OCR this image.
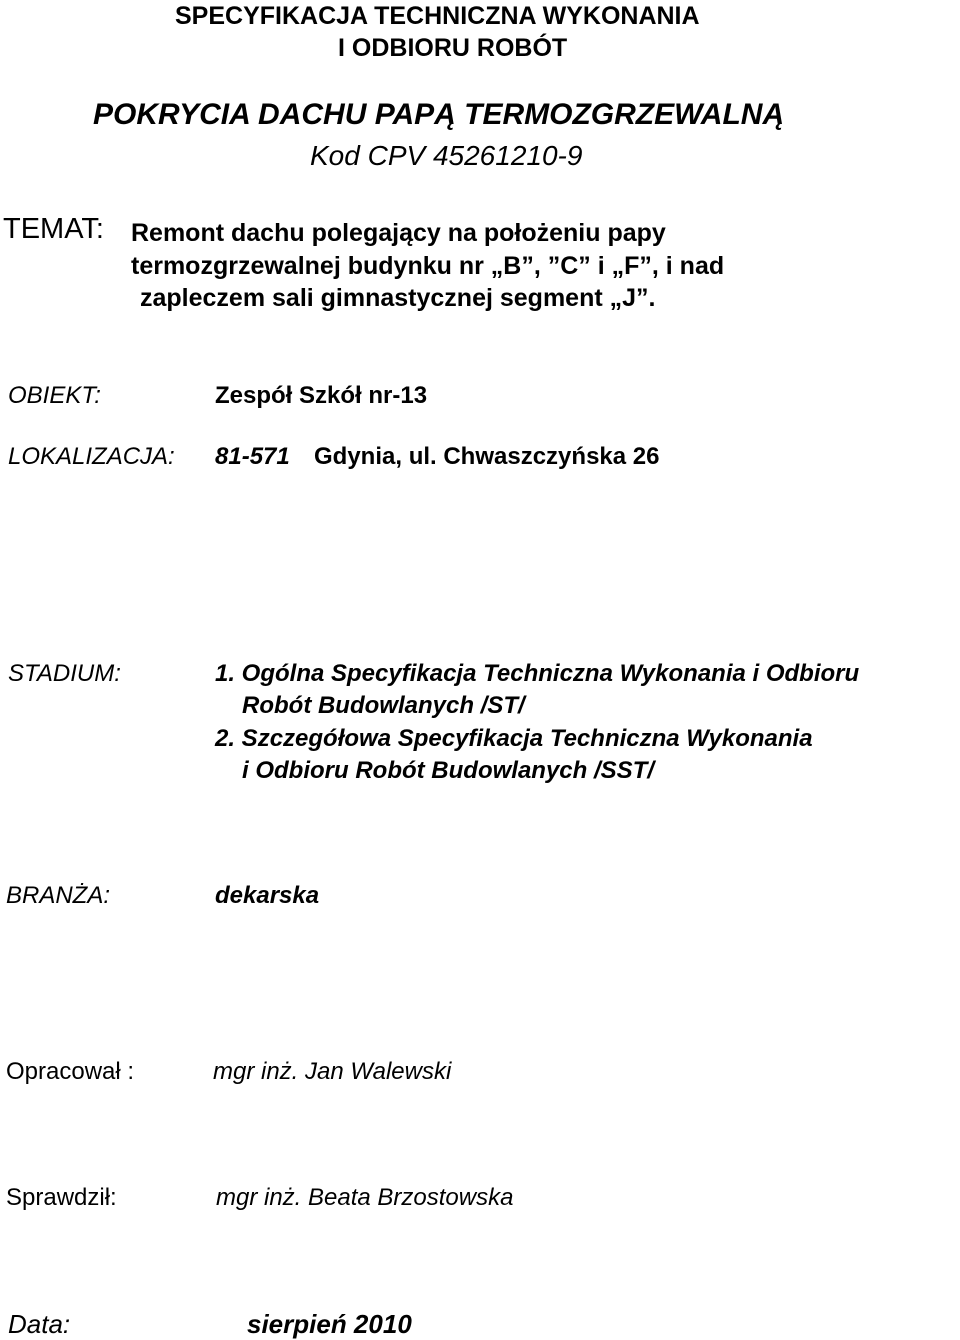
SPECYFIKACJA TECHNICZNA WYKONANIA
I ODBIORU ROBÓT
POKRYCIA DACHU PAPĄ TERMOZGRZEWALNĄ
Kod CPV 45261210-9
TEMAT: Remont dachu polegający na położeniu papy
termozgrzewalnej budynku nr „B”, ”C” i „F”, i nad
zapleczem sali gimnastycznej segment „J”.
OBIEKT:	Zespół Szkół nr-13
LOKALIZACJA: 81-571 Gdynia, ul. Chwaszczyńska 26
STADIUM:	1. Ogólna Specyfikacja Techniczna Wykonania i Odbioru
Robót Budowlanych /ST/
2. Szczegółowa Specyfikacja Techniczna Wykonania
i Odbioru Robót Budowlanych /SST/
BRANŻA:	dekarska
Opracował :	mgr inż. Jan Walewski
Sprawdził:	mgr inż. Beata Brzostowska
Data:	sierpień 2010
